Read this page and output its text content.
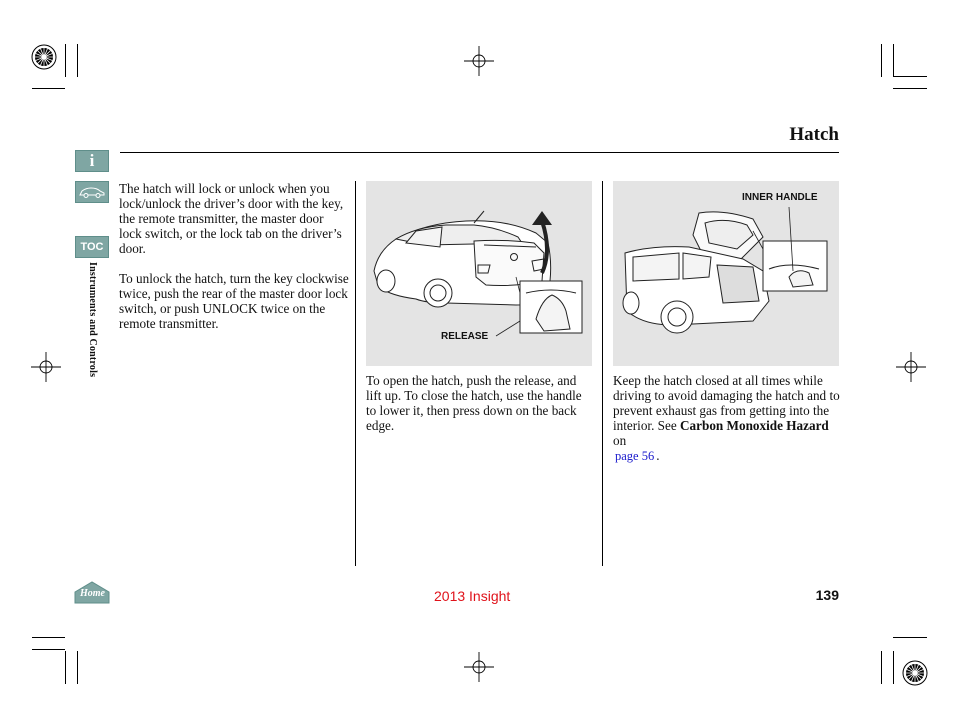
Hatch
i
TOC
Instruments and Controls

The hatch will lock or unlock when you lock/unlock the driver’s door with the key, the remote transmitter, the master door lock switch, or the lock tab on the driver’s door.

To unlock the hatch, turn the key clockwise twice, push the rear of the master door lock switch, or push UNLOCK twice on the remote transmitter.

RELEASE

To open the hatch, push the release, and lift up. To close the hatch, use the handle to lower it, then press down on the back edge.

INNER HANDLE
Keep the hatch closed at all times while driving to avoid damaging the hatch and to prevent exhaust gas from getting into the interior. See Carbon Monoxide Hazard on
page 56 .
Home	2013 Insight	139
